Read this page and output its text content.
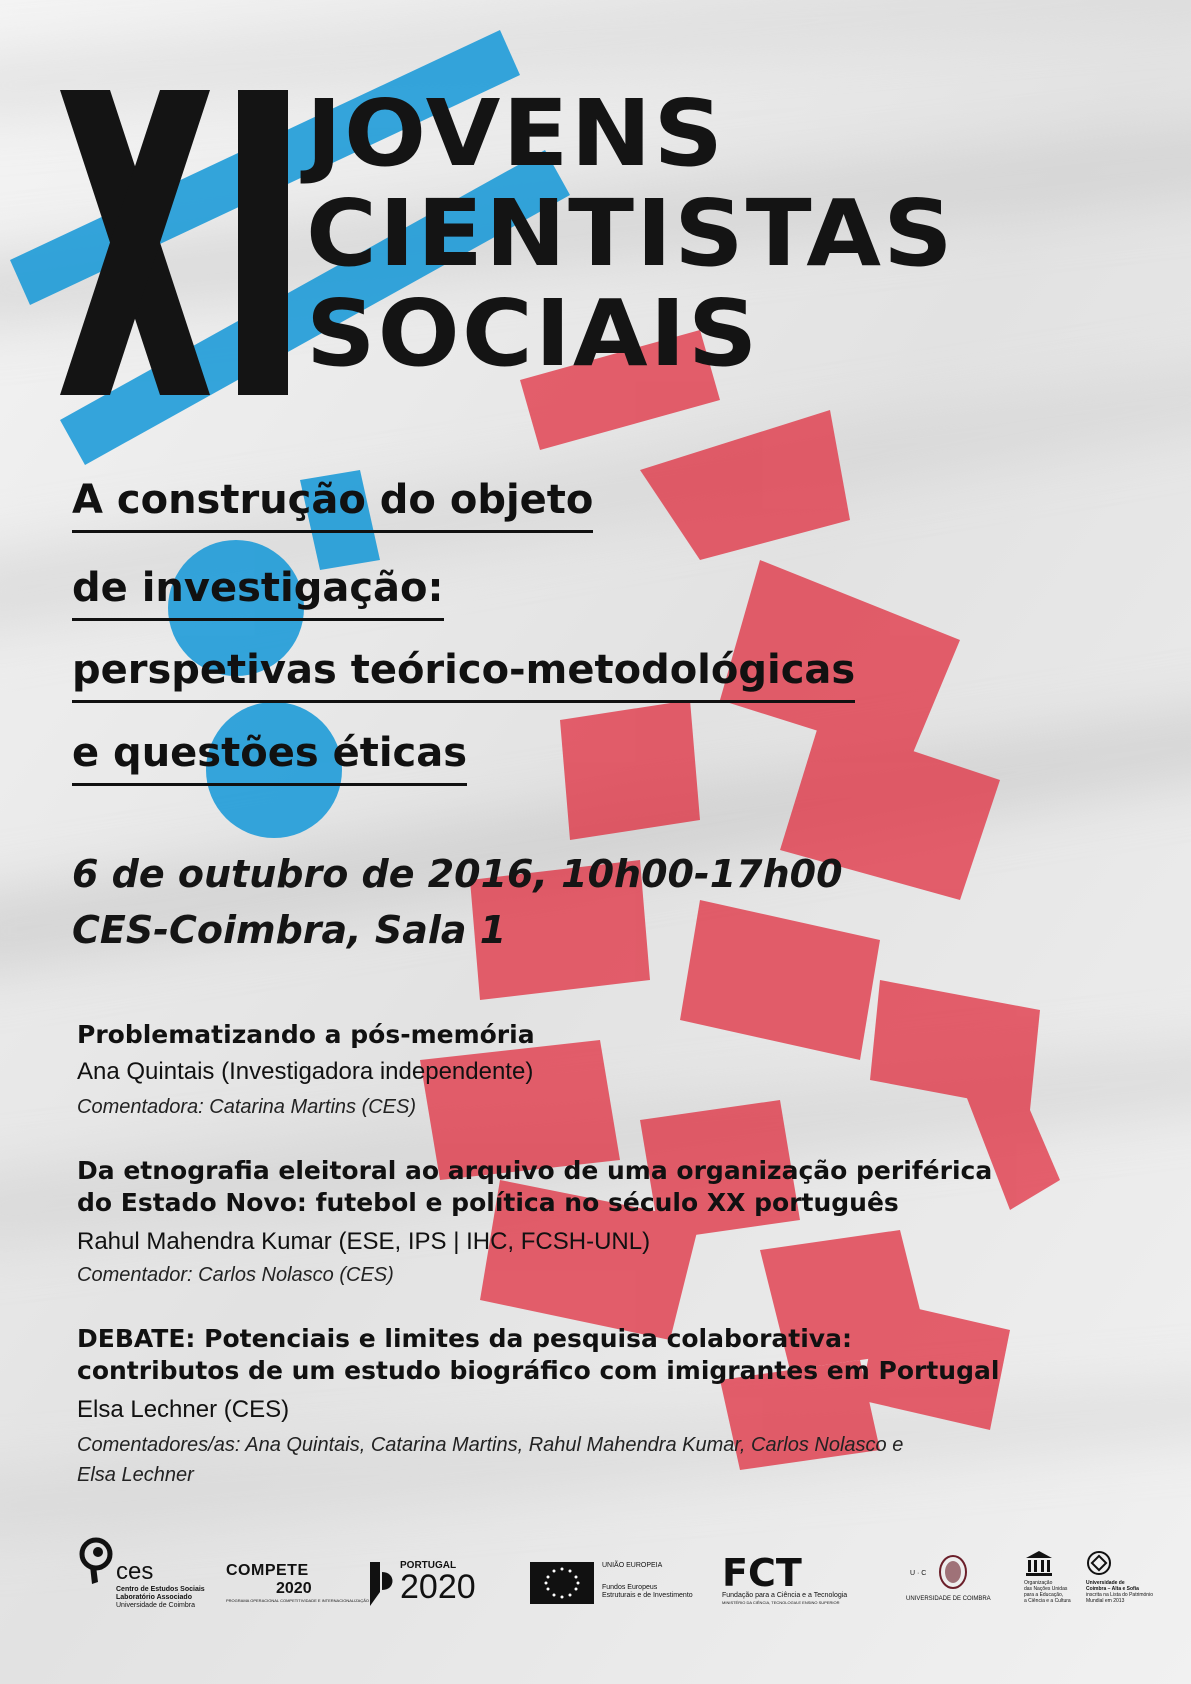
JOVENS
CIENTISTAS
SOCIAIS
A construção do objeto
de investigação:
perspetivas teórico-metodológicas
e questões éticas
6 de outubro de 2016, 10h00-17h00
CES-Coimbra, Sala 1
Problematizando a pós-memória
Ana Quintais (Investigadora independente)
Comentadora: Catarina Martins (CES)
Da etnografia eleitoral ao arquivo de uma organização periférica
do Estado Novo: futebol e política no século XX português
Rahul Mahendra Kumar (ESE, IPS | IHC, FCSH-UNL)
Comentador: Carlos Nolasco (CES)
DEBATE: Potenciais e limites da pesquisa colaborativa:
contributos de um estudo biográfico com imigrantes em Portugal
Elsa Lechner (CES)
Comentadores/as: Ana Quintais, Catarina Martins, Rahul Mahendra Kumar, Carlos Nolasco e
Elsa Lechner
ces
Centro de Estudos Sociais
Laboratório Associado
Universidade de Coimbra
COMPETE
2020
PROGRAMA OPERACIONAL COMPETITIVIDADE E INTERNACIONALIZAÇÃO
PORTUGAL
2020
UNIÃO EUROPEIA
Fundos Europeus
Estruturais e de Investimento
FCT
Fundação para a Ciência e a Tecnologia
MINISTÉRIO DA CIÊNCIA, TECNOLOGIA E ENSINO SUPERIOR
U · C
UNIVERSIDADE DE COIMBRA
Organização
das Nações Unidas
para a Educação,
a Ciência e a Cultura
Universidade de
Coimbra – Alta e Sofia
inscrita na Lista do Património
Mundial em 2013
